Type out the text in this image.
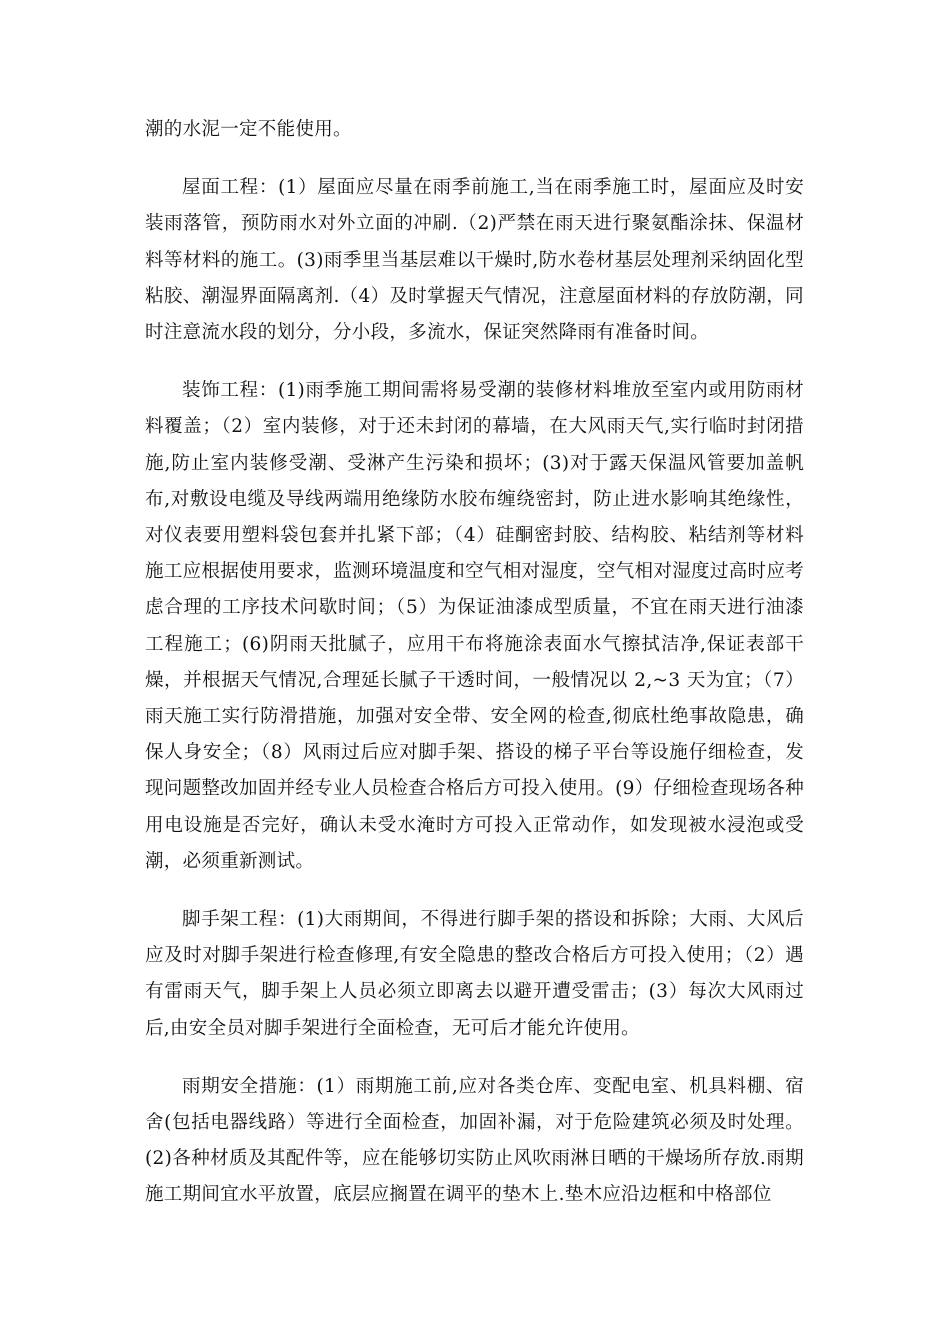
潮的水泥一定不能使用。

屋面工程：(1）屋面应尽量在雨季前施工,当在雨季施工时，屋面应及时安装雨落管，预防雨水对外立面的冲刷.（2)严禁在雨天进行聚氨酯涂抹、保温材料等材料的施工。(3)雨季里当基层难以干燥时,防水卷材基层处理剂采纳固化型粘胶、潮湿界面隔离剂.（4）及时掌握天气情况，注意屋面材料的存放防潮，同时注意流水段的划分，分小段，多流水，保证突然降雨有准备时间。

装饰工程：(1)雨季施工期间需将易受潮的装修材料堆放至室内或用防雨材料覆盖；（2）室内装修，对于还未封闭的幕墙，在大风雨天气,实行临时封闭措施,防止室内装修受潮、受淋产生污染和损坏；(3)对于露天保温风管要加盖帆布,对敷设电缆及导线两端用绝缘防水胶布缠绕密封，防止进水影响其绝缘性，对仪表要用塑料袋包套并扎紧下部；（4）硅酮密封胶、结构胶、粘结剂等材料施工应根据使用要求，监测环境温度和空气相对湿度，空气相对湿度过高时应考虑合理的工序技术问歇时间；（5）为保证油漆成型质量，不宜在雨天进行油漆工程施工；(6)阴雨天批腻子，应用干布将施涂表面水气擦拭洁净,保证表部干燥，并根据天气情况,合理延长腻子干透时间，一般情况以 2,~3 天为宜；（7）雨天施工实行防滑措施，加强对安全带、安全网的检查,彻底杜绝事故隐患，确保人身安全；（8）风雨过后应对脚手架、搭设的梯子平台等设施仔细检查，发现问题整改加固并经专业人员检查合格后方可投入使用。(9）仔细检查现场各种用电设施是否完好，确认未受水淹时方可投入正常动作，如发现被水浸泡或受潮，必须重新测试。

脚手架工程：(1)大雨期间，不得进行脚手架的搭设和拆除；大雨、大风后应及时对脚手架进行检查修理,有安全隐患的整改合格后方可投入使用；（2）遇有雷雨天气，脚手架上人员必须立即离去以避开遭受雷击；(3）每次大风雨过后,由安全员对脚手架进行全面检查，无可后才能允许使用。

雨期安全措施：(1）雨期施工前,应对各类仓库、变配电室、机具料棚、宿舍(包括电器线路）等进行全面检查，加固补漏，对于危险建筑必须及时处理。(2)各种材质及其配件等，应在能够切实防止风吹雨淋日晒的干燥场所存放.雨期施工期间宜水平放置，底层应搁置在调平的垫木上.垫木应沿边框和中格部位
